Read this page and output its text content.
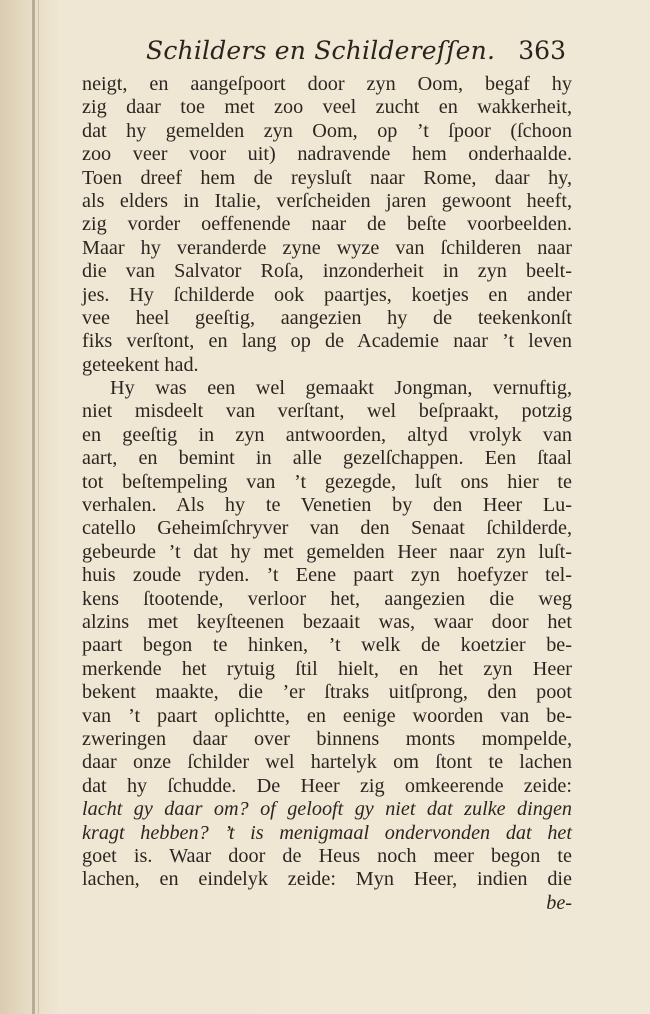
Schilders en Schildereſſen. 363
neigt, en aangeſpoort door zyn Oom, begaf hy
zig daar toe met zoo veel zucht en wakkerheit,
dat hy gemelden zyn Oom, op ’t ſpoor (ſchoon
zoo veer voor uit) nadravende hem onderhaalde.
Toen dreef hem de reysluſt naar Rome, daar hy,
als elders in Italie, verſcheiden jaren gewoont heeft,
zig vorder oeffenende naar de beſte voorbeelden.
Maar hy veranderde zyne wyze van ſchilderen naar
die van Salvator Roſa, inzonderheit in zyn beelt-
jes. Hy ſchilderde ook paartjes, koetjes en ander
vee heel geeſtig, aangezien hy de teekenkonſt
fiks verſtont, en lang op de Academie naar ’t leven
geteekent had.
Hy was een wel gemaakt Jongman, vernuftig,
niet misdeelt van verſtant, wel beſpraakt, potzig
en geeſtig in zyn antwoorden, altyd vrolyk van
aart, en bemint in alle gezelſchappen. Een ſtaal
tot beſtempeling van ’t gezegde, luſt ons hier te
verhalen. Als hy te Venetien by den Heer Lu-
catello Geheimſchryver van den Senaat ſchilderde,
gebeurde ’t dat hy met gemelden Heer naar zyn luſt-
huis zoude ryden. ’t Eene paart zyn hoefyzer tel-
kens ſtootende, verloor het, aangezien die weg
alzins met keyſteenen bezaait was, waar door het
paart begon te hinken, ’t welk de koetzier be-
merkende het rytuig ſtil hielt, en het zyn Heer
bekent maakte, die ’er ſtraks uitſprong, den poot
van ’t paart oplichtte, en eenige woorden van be-
zweringen daar over binnens monts mompelde,
daar onze ſchilder wel hartelyk om ſtont te lachen
dat hy ſchudde. De Heer zig omkeerende zeide:
lacht gy daar om? of gelooft gy niet dat zulke dingen
kragt hebben? ’t is menigmaal ondervonden dat het
goet is. Waar door de Heus noch meer begon te
lachen, en eindelyk zeide: Myn Heer, indien die
be-
